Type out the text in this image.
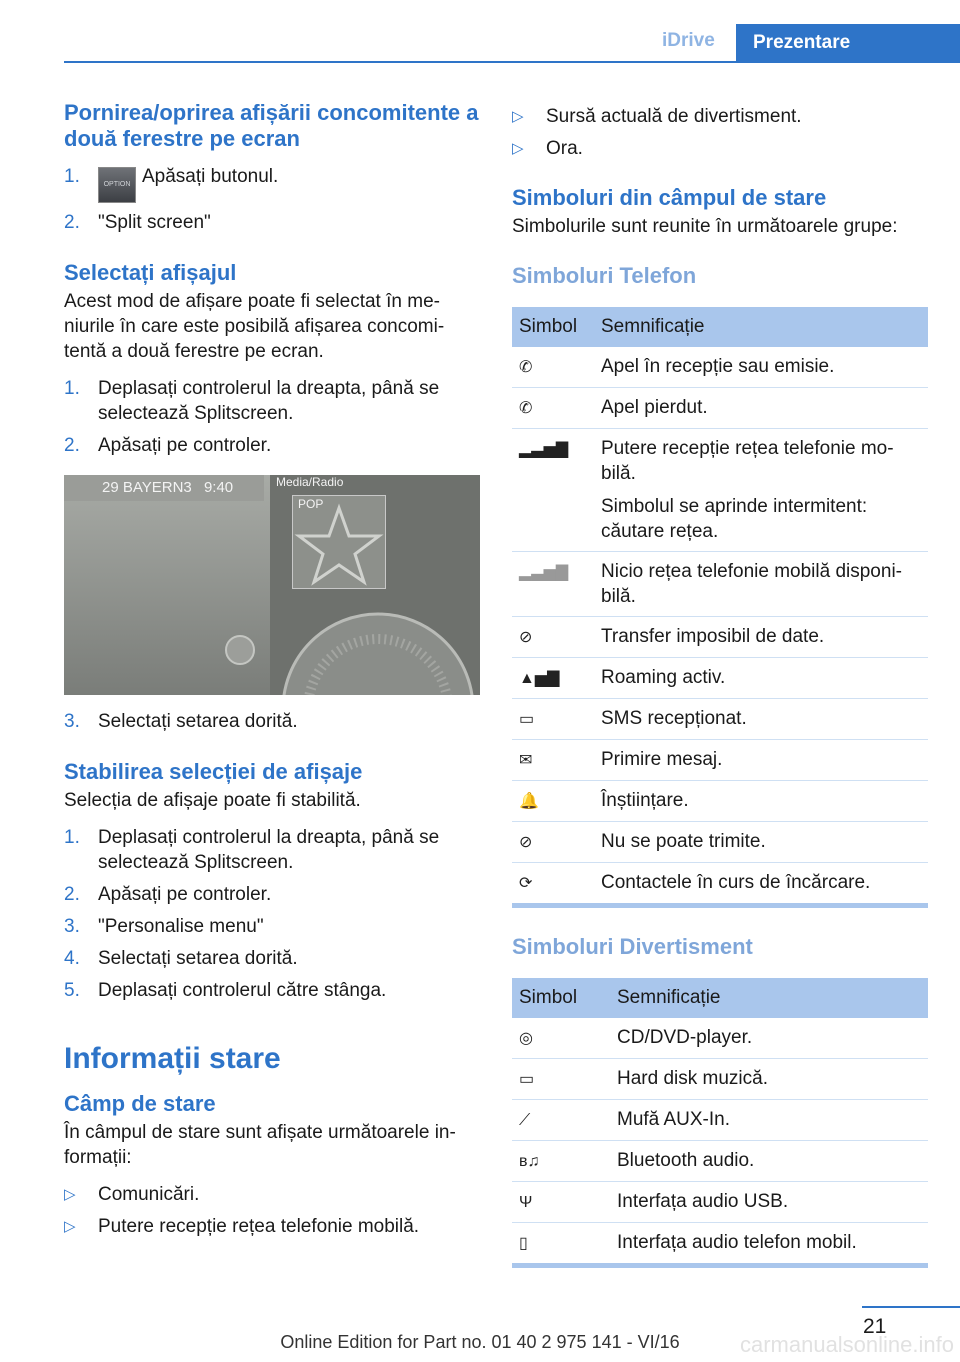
iDrive	Prezentare
Pornirea/oprirea afișării concomitente a două ferestre pe ecran
1.	OPTION Apăsați butonul.
2. "Split screen"
Selectați afișajul

Acest mod de afișare poate fi selectat în me‐niurile în care este posibilă afișarea concomi‐tentă a două ferestre pe ecran.

1. Deplasați controlerul la dreapta, până se selectează Splitscreen.
2. Apăsați pe controler.
29 BAYERN3 9:40	Media/Radio
POP
3. Selectați setarea dorită.
Stabilirea selecției de afișaje

Selecția de afișaje poate fi stabilită.

1. Deplasați controlerul la dreapta, până se selectează Splitscreen.
2. Apăsați pe controler.
3. "Personalise menu"
4. Selectați setarea dorită.
5. Deplasați controlerul către stânga.
Informații stare
Câmp de stare

În câmpul de stare sunt afișate următoarele in‐formații:

▷ Comunicări.
▷ Putere recepție rețea telefonie mobilă.
▷ Sursă actuală de divertisment.
▷ Ora.
Simboluri din câmpul de stare

Simbolurile sunt reunite în următoarele grupe:

Simboluri Telefon
Simbol	Semnificație
✆	Apel în recepție sau emisie.
✆	Apel pierdut.
▂▃▅▇	Putere recepție rețea telefonie mo‐bilă.
Simbolul se aprinde intermitent: căutare rețea.

▂▃▅▇	Nicio rețea telefonie mobilă disponi‐bilă.
⊘	Transfer imposibil de date.
▲▅▇	Roaming activ.
▭	SMS recepționat.
✉	Primire mesaj.
🔔	Înștiințare.
⊘	Nu se poate trimite.
⟳	Contactele în curs de încărcare.
Simboluri Divertisment
Simbol	Semnificație
◎	CD/DVD-player.
▭	Hard disk muzică.
⟋	Mufă AUX-In.
ʙ♫	Bluetooth audio.
Ψ	Interfața audio USB.
▯	Interfața audio telefon mobil.
21
Online Edition for Part no. 01 40 2 975 141 - VI/16	carmanualsonline.info
